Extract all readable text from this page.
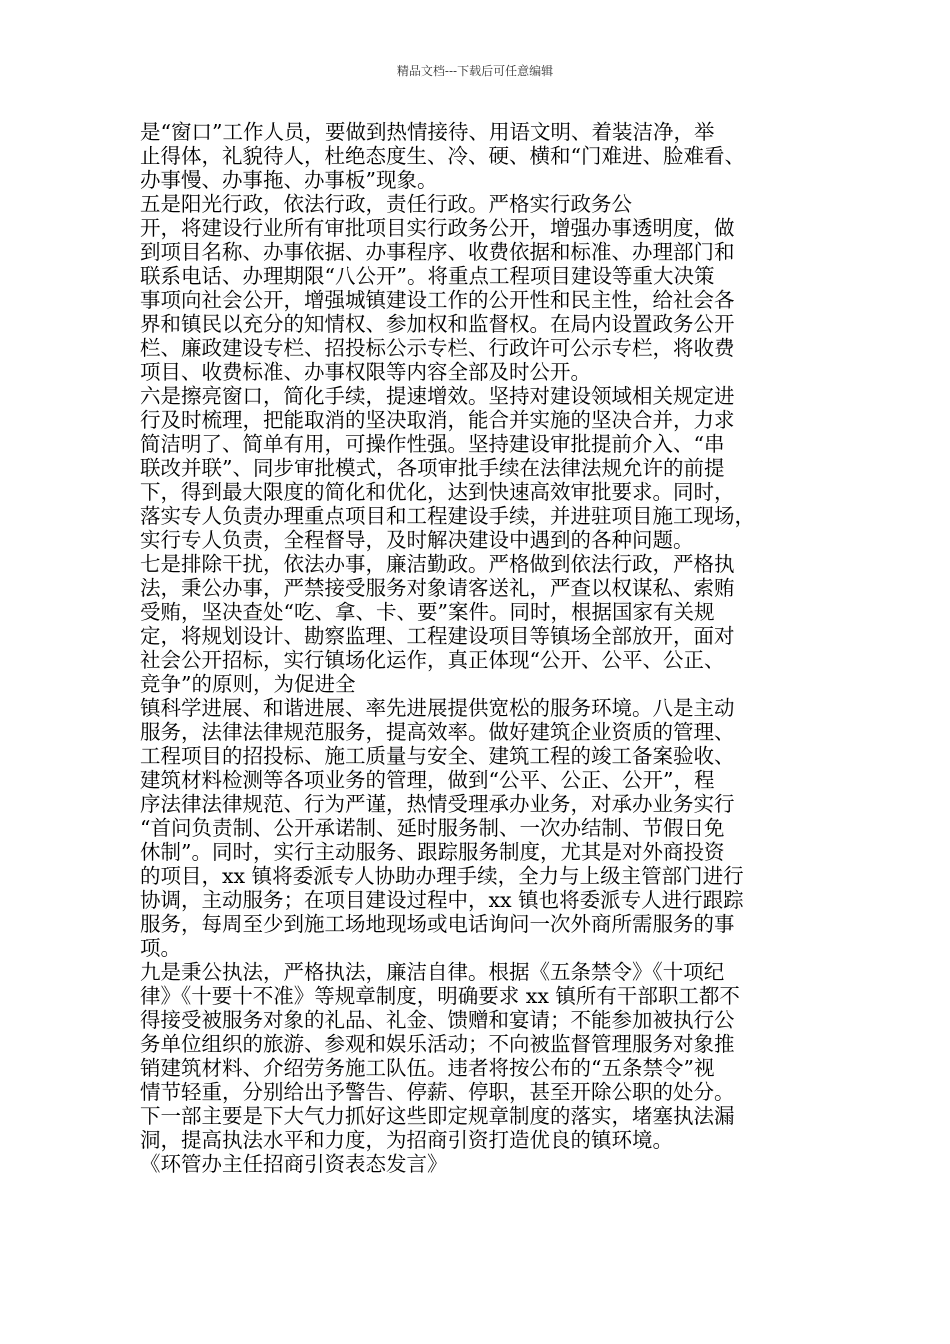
精品文档---下载后可任意编辑
是“窗口”工作人员，要做到热情接待、用语文明、着装洁净，举
止得体，礼貌待人，杜绝态度生、冷、硬、横和“门难进、脸难看、
办事慢、办事拖、办事板”现象。
五是阳光行政，依法行政，责任行政。严格实行政务公
开，将建设行业所有审批项目实行政务公开，增强办事透明度，做
到项目名称、办事依据、办事程序、收费依据和标准、办理部门和
联系电话、办理期限“八公开”。将重点工程项目建设等重大决策
事项向社会公开，增强城镇建设工作的公开性和民主性，给社会各
界和镇民以充分的知情权、参加权和监督权。在局内设置政务公开
栏、廉政建设专栏、招投标公示专栏、行政许可公示专栏，将收费
项目、收费标准、办事权限等内容全部及时公开。
六是擦亮窗口，简化手续，提速增效。坚持对建设领域相关规定进
行及时梳理，把能取消的坚决取消，能合并实施的坚决合并，力求
简洁明了、简单有用，可操作性强。坚持建设审批提前介入、“串
联改并联”、同步审批模式，各项审批手续在法律法规允许的前提
下，得到最大限度的简化和优化，达到快速高效审批要求。同时，
落实专人负责办理重点项目和工程建设手续，并进驻项目施工现场，
实行专人负责，全程督导，及时解决建设中遇到的各种问题。
七是排除干扰，依法办事，廉洁勤政。严格做到依法行政，严格执
法，秉公办事，严禁接受服务对象请客送礼，严查以权谋私、索贿
受贿，坚决查处“吃、拿、卡、要”案件。同时，根据国家有关规
定，将规划设计、勘察监理、工程建设项目等镇场全部放开，面对
社会公开招标，实行镇场化运作，真正体现“公开、公平、公正、
竞争”的原则，为促进全
镇科学进展、和谐进展、率先进展提供宽松的服务环境。八是主动
服务，法律法律规范服务，提高效率。做好建筑企业资质的管理、
工程项目的招投标、施工质量与安全、建筑工程的竣工备案验收、
建筑材料检测等各项业务的管理，做到“公平、公正、公开”，程
序法律法律规范、行为严谨，热情受理承办业务，对承办业务实行
“首问负责制、公开承诺制、延时服务制、一次办结制、节假日免
休制”。同时，实行主动服务、跟踪服务制度，尤其是对外商投资
的项目，xx 镇将委派专人协助办理手续，全力与上级主管部门进行
协调，主动服务；在项目建设过程中，xx 镇也将委派专人进行跟踪
服务，每周至少到施工场地现场或电话询问一次外商所需服务的事
项。
九是秉公执法，严格执法，廉洁自律。根据《五条禁令》《十项纪
律》《十要十不准》等规章制度，明确要求 xx 镇所有干部职工都不
得接受被服务对象的礼品、礼金、馈赠和宴请；不能参加被执行公
务单位组织的旅游、参观和娱乐活动；不向被监督管理服务对象推
销建筑材料、介绍劳务施工队伍。违者将按公布的“五条禁令”视
情节轻重，分别给出予警告、停薪、停职，甚至开除公职的处分。
下一部主要是下大气力抓好这些即定规章制度的落实，堵塞执法漏
洞，提高执法水平和力度，为招商引资打造优良的镇环境。
《环管办主任招商引资表态发言》
